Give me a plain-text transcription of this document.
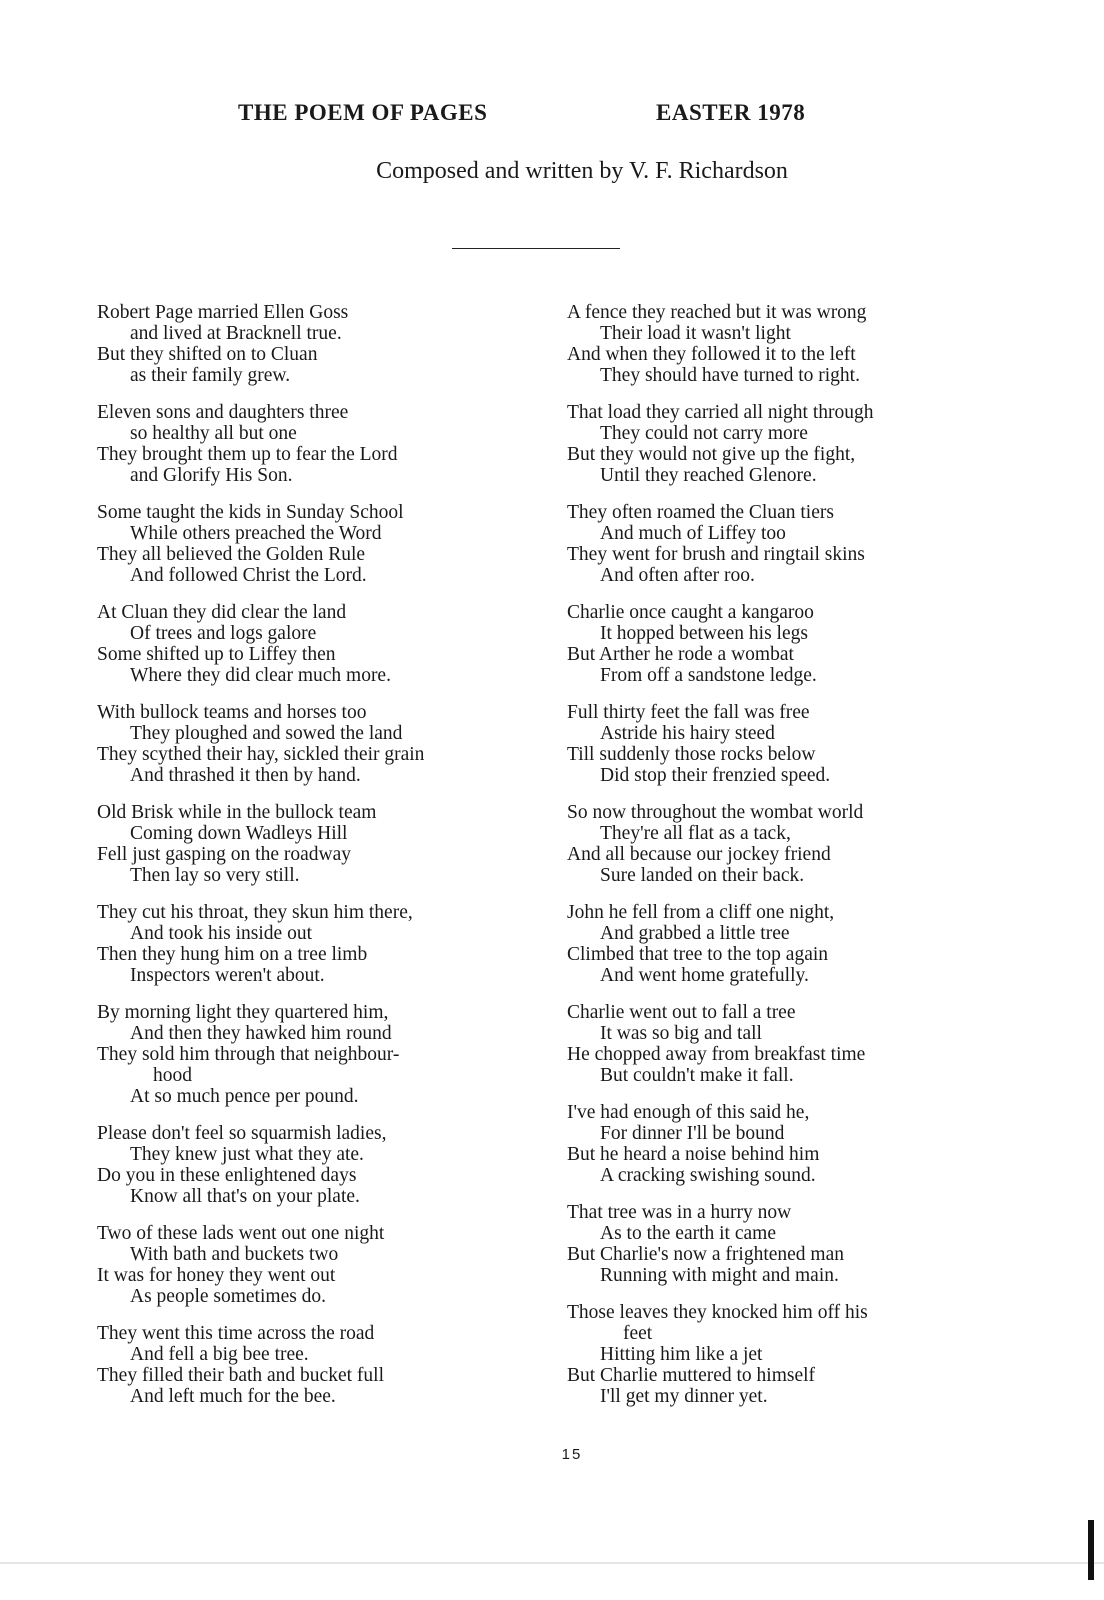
THE POEM OF PAGES	EASTER 1978
Composed and written by V. F. Richardson
Robert Page married Ellen Goss
and lived at Bracknell true.
But they shifted on to Cluan
as their family grew.
Eleven sons and daughters three
so healthy all but one
They brought them up to fear the Lord
and Glorify His Son.
Some taught the kids in Sunday School
While others preached the Word
They all believed the Golden Rule
And followed Christ the Lord.
At Cluan they did clear the land
Of trees and logs galore
Some shifted up to Liffey then
Where they did clear much more.
With bullock teams and horses too
They ploughed and sowed the land
They scythed their hay, sickled their grain
And thrashed it then by hand.
Old Brisk while in the bullock team
Coming down Wadleys Hill
Fell just gasping on the roadway
Then lay so very still.
They cut his throat, they skun him there,
And took his inside out
Then they hung him on a tree limb
Inspectors weren't about.
By morning light they quartered him,
And then they hawked him round
They sold him through that neighbour-
hood
At so much pence per pound.
Please don't feel so squarmish ladies,
They knew just what they ate.
Do you in these enlightened days
Know all that's on your plate.
Two of these lads went out one night
With bath and buckets two
It was for honey they went out
As people sometimes do.
They went this time across the road
And fell a big bee tree.
They filled their bath and bucket full
And left much for the bee.
A fence they reached but it was wrong
Their load it wasn't light
And when they followed it to the left
They should have turned to right.
That load they carried all night through
They could not carry more
But they would not give up the fight,
Until they reached Glenore.
They often roamed the Cluan tiers
And much of Liffey too
They went for brush and ringtail skins
And often after roo.
Charlie once caught a kangaroo
It hopped between his legs
But Arther he rode a wombat
From off a sandstone ledge.
Full thirty feet the fall was free
Astride his hairy steed
Till suddenly those rocks below
Did stop their frenzied speed.
So now throughout the wombat world
They're all flat as a tack,
And all because our jockey friend
Sure landed on their back.
John he fell from a cliff one night,
And grabbed a little tree
Climbed that tree to the top again
And went home gratefully.
Charlie went out to fall a tree
It was so big and tall
He chopped away from breakfast time
But couldn't make it fall.
I've had enough of this said he,
For dinner I'll be bound
But he heard a noise behind him
A cracking swishing sound.
That tree was in a hurry now
As to the earth it came
But Charlie's now a frightened man
Running with might and main.
Those leaves they knocked him off his
feet
Hitting him like a jet
But Charlie muttered to himself
I'll get my dinner yet.
15
